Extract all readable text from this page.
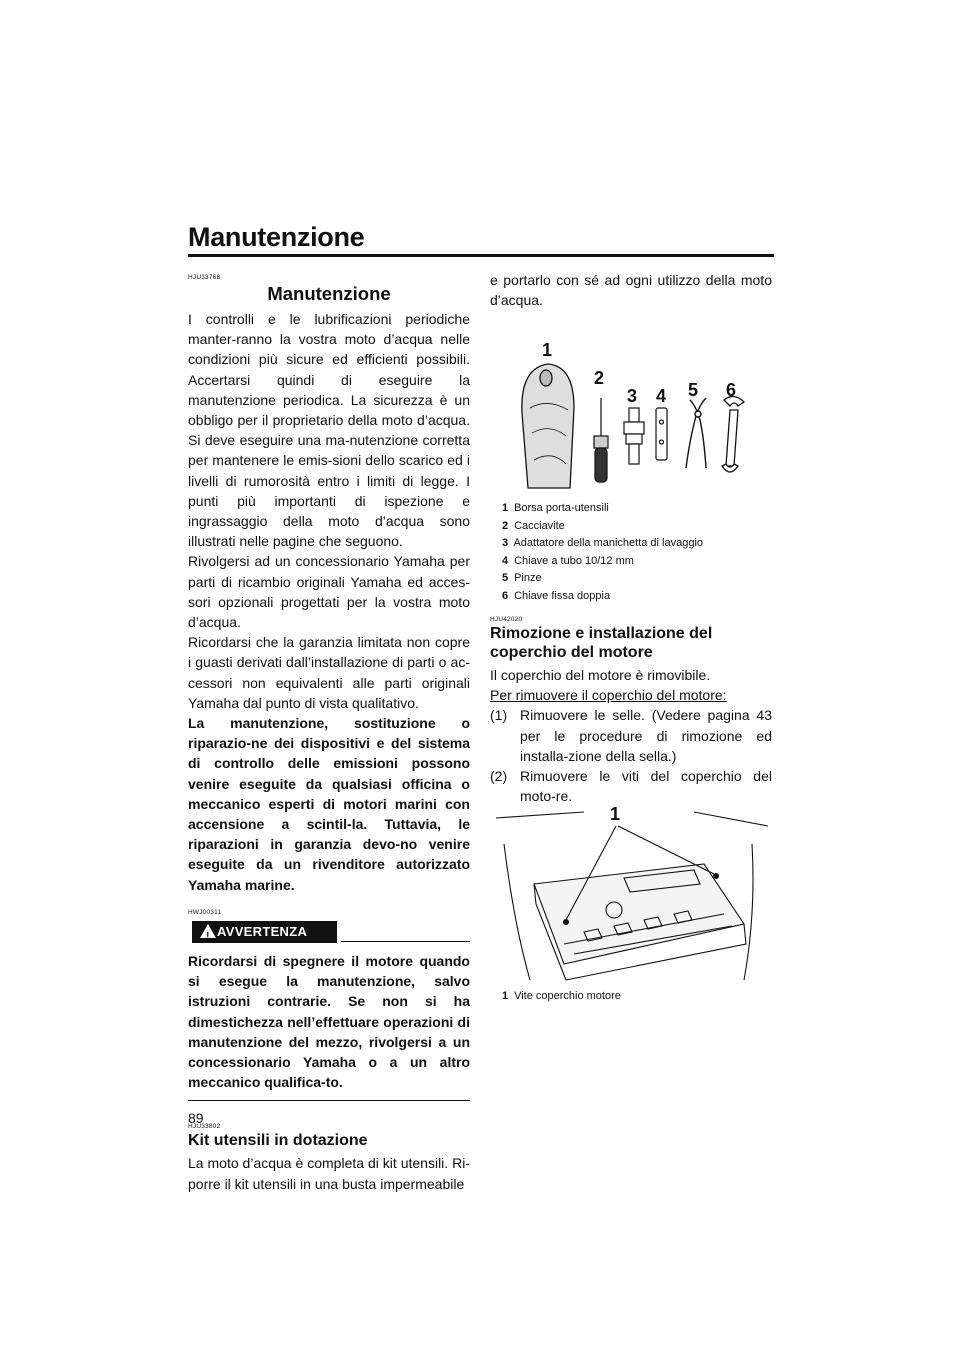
Manutenzione
HJU33768
Manutenzione

I controlli e le lubrificazioni periodiche manter-ranno la vostra moto d’acqua nelle condizioni più sicure ed efficienti possibili. Accertarsi quindi di eseguire la manutenzione periodica. La sicurezza è un obbligo per il proprietario della moto d’acqua. Si deve eseguire una ma-nutenzione corretta per mantenere le emis-sioni dello scarico ed i livelli di rumorosità entro i limiti di legge. I punti più importanti di ispezione e ingrassaggio della moto d’acqua sono illustrati nelle pagine che seguono.

Rivolgersi ad un concessionario Yamaha per parti di ricambio originali Yamaha ed acces-sori opzionali progettati per la vostra moto d’acqua.

Ricordarsi che la garanzia limitata non copre i guasti derivati dall’installazione di parti o ac-cessori non equivalenti alle parti originali Yamaha dal punto di vista qualitativo.

La manutenzione, sostituzione o riparazio-ne dei dispositivi e del sistema di controllo delle emissioni possono venire eseguite da qualsiasi officina o meccanico esperti di motori marini con accensione a scintil-la. Tuttavia, le riparazioni in garanzia devo-no venire eseguite da un rivenditore autorizzato Yamaha marine.

HWJ00311
! AVVERTENZA

Ricordarsi di spegnere il motore quando si esegue la manutenzione, salvo istruzioni contrarie. Se non si ha dimestichezza nell’effettuare operazioni di manutenzione del mezzo, rivolgersi a un concessionario Yamaha o a un altro meccanico qualifica-to.

HJU33802
Kit utensili in dotazione

La moto d’acqua è completa di kit utensili. Ri-porre il kit utensili in una busta impermeabile

e portarlo con sé ad ogni utilizzo della moto d’acqua.

1
2
3 4 5 6
1 Borsa porta-utensili
2 Cacciavite
3 Adattatore della manichetta di lavaggio
4 Chiave a tubo 10/12 mm
5 Pinze
6 Chiave fissa doppia
HJU42020
Rimozione e installazione del coperchio del motore

Il coperchio del motore è rimovibile.

Per rimuovere il coperchio del motore:

(1) Rimuovere le selle. (Vedere pagina 43 per le procedure di rimozione ed installa-zione della sella.)
(2) Rimuovere le viti del coperchio del moto-re.
1
1 Vite coperchio motore
89
